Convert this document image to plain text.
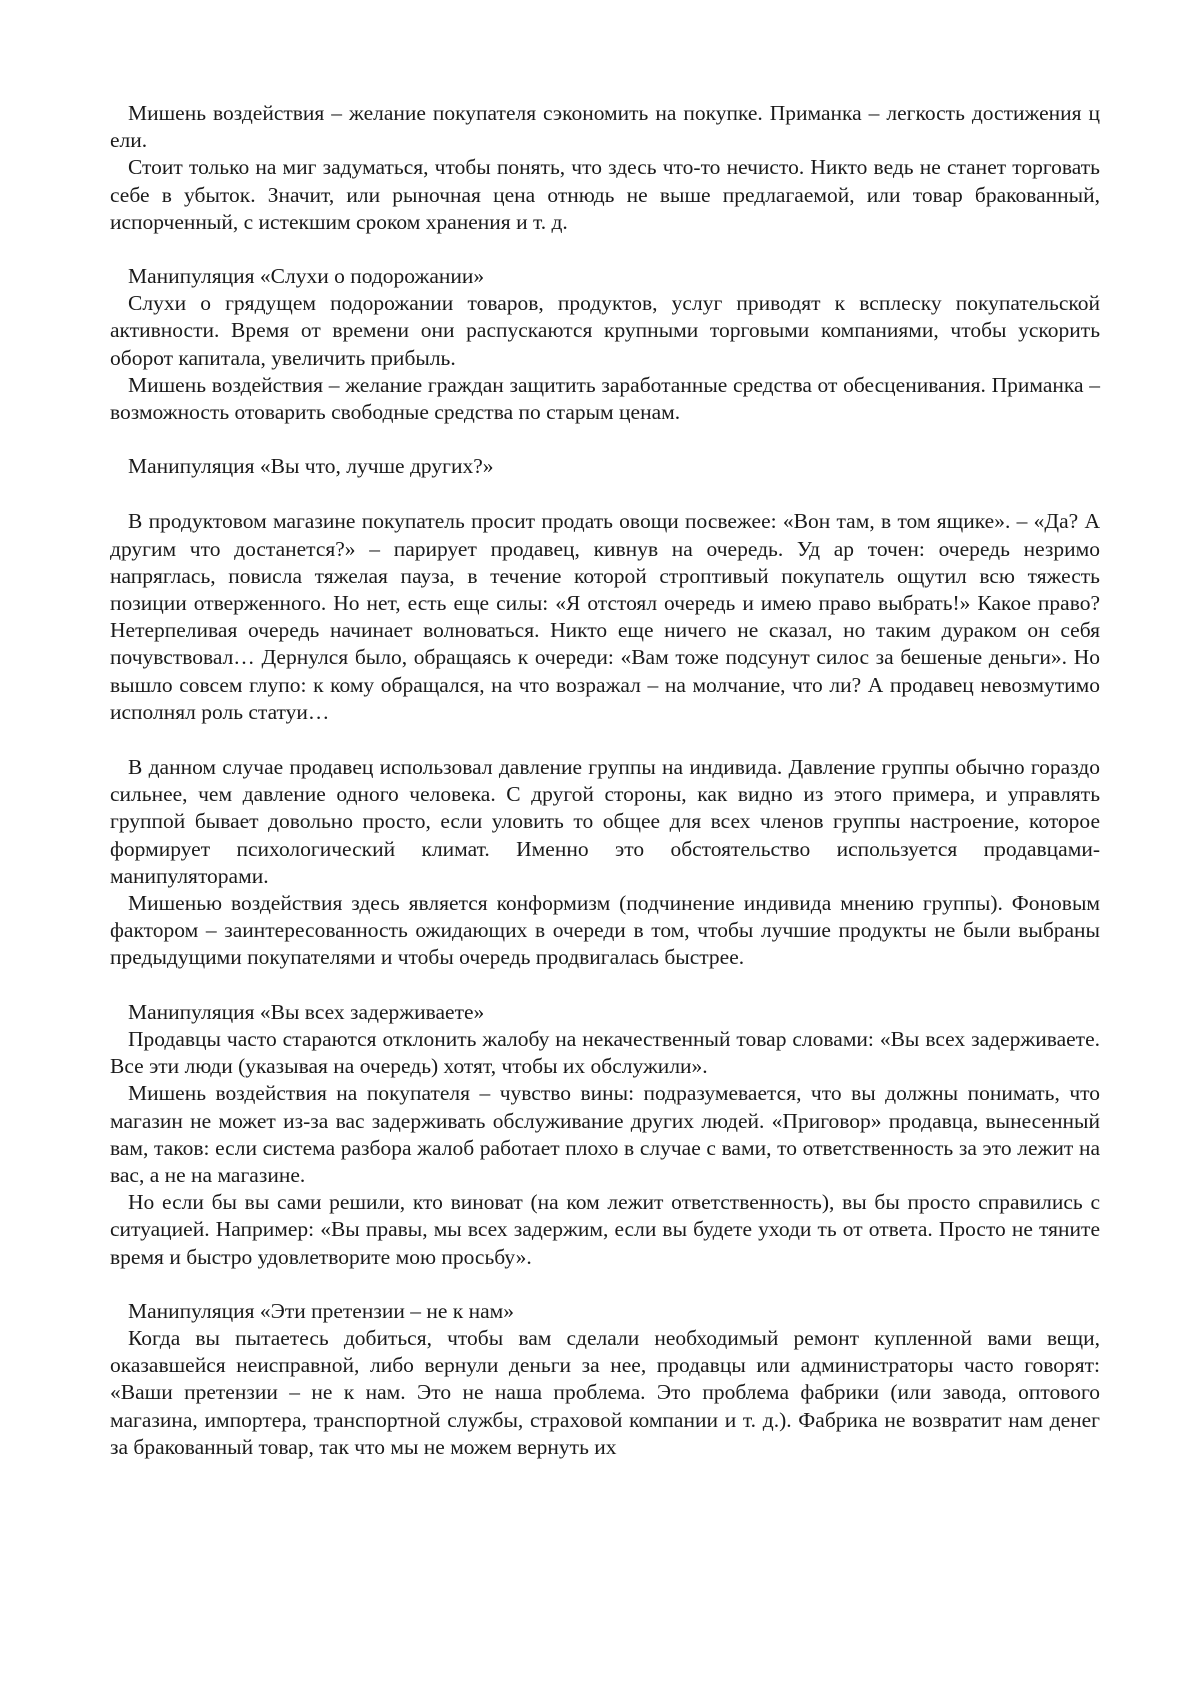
Мишень воздействия – желание покупателя сэкономить на покупке. Приманка – легкость достижения ц ели.

Стоит только на миг задуматься, чтобы понять, что здесь что-то нечисто. Никто ведь не станет торговать себе в убыток. Значит, или рыночная цена отнюдь не выше предлагаемой, или товар бракованный, испорченный, с истекшим сроком хранения и т. д.

Манипуляция «Слухи о подорожании»

Слухи о грядущем подорожании товаров, продуктов, услуг приводят к всплеску покупательской активности. Время от времени они распускаются крупными торговыми компаниями, чтобы ускорить оборот капитала, увеличить прибыль.

Мишень воздействия – желание граждан защитить заработанные средства от обесценивания. Приманка – возможность отоварить свободные средства по старым ценам.

Манипуляция «Вы что, лучше других?»

В продуктовом магазине покупатель просит продать овощи посвежее: «Вон там, в том ящике». – «Да? А другим что достанется?» – парирует продавец, кивнув на очередь. Уд ар точен: очередь незримо напряглась, повисла тяжелая пауза, в течение которой строптивый покупатель ощутил всю тяжесть позиции отверженного. Но нет, есть еще силы: «Я отстоял очередь и имею право выбрать!» Какое право? Нетерпеливая очередь начинает волноваться. Никто еще ничего не сказал, но таким дураком он себя почувствовал… Дернулся было, обращаясь к очереди: «Вам тоже подсунут силос за бешеные деньги». Но вышло совсем глупо: к кому обращался, на что возражал – на молчание, что ли? А продавец невозмутимо исполнял роль статуи…

В данном случае продавец использовал давление группы на индивида. Давление группы обычно гораздо сильнее, чем давление одного человека. С другой стороны, как видно из этого примера, и управлять группой бывает довольно просто, если уловить то общее для всех членов группы настроение, которое формирует психологический климат. Именно это обстоятельство используется продавцами-манипуляторами.

Мишенью воздействия здесь является конформизм (подчинение индивида мнению группы). Фоновым фактором – заинтересованность ожидающих в очереди в том, чтобы лучшие продукты не были выбраны предыдущими покупателями и чтобы очередь продвигалась быстрее.

Манипуляция «Вы всех задерживаете»

Продавцы часто стараются отклонить жалобу на некачественный товар словами: «Вы всех задерживаете. Все эти люди (указывая на очередь) хотят, чтобы их обслужили».

Мишень воздействия на покупателя – чувство вины: подразумевается, что вы должны понимать, что магазин не может из-за вас задерживать обслуживание других людей. «Приговор» продавца, вынесенный вам, таков: если система разбора жалоб работает плохо в случае с вами, то ответственность за это лежит на вас, а не на магазине.

Но если бы вы сами решили, кто виноват (на ком лежит ответственность), вы бы просто справились с ситуацией. Например: «Вы правы, мы всех задержим, если вы будете уходи ть от ответа. Просто не тяните время и быстро удовлетворите мою просьбу».

Манипуляция «Эти претензии – не к нам»

Когда вы пытаетесь добиться, чтобы вам сделали необходимый ремонт купленной вами вещи, оказавшейся неисправной, либо вернули деньги за нее, продавцы или администраторы часто говорят: «Ваши претензии – не к нам. Это не наша проблема. Это проблема фабрики (или завода, оптового магазина, импортера, транспортной службы, страховой компании и т. д.). Фабрика не возвратит нам денег за бракованный товар, так что мы не можем вернуть их
